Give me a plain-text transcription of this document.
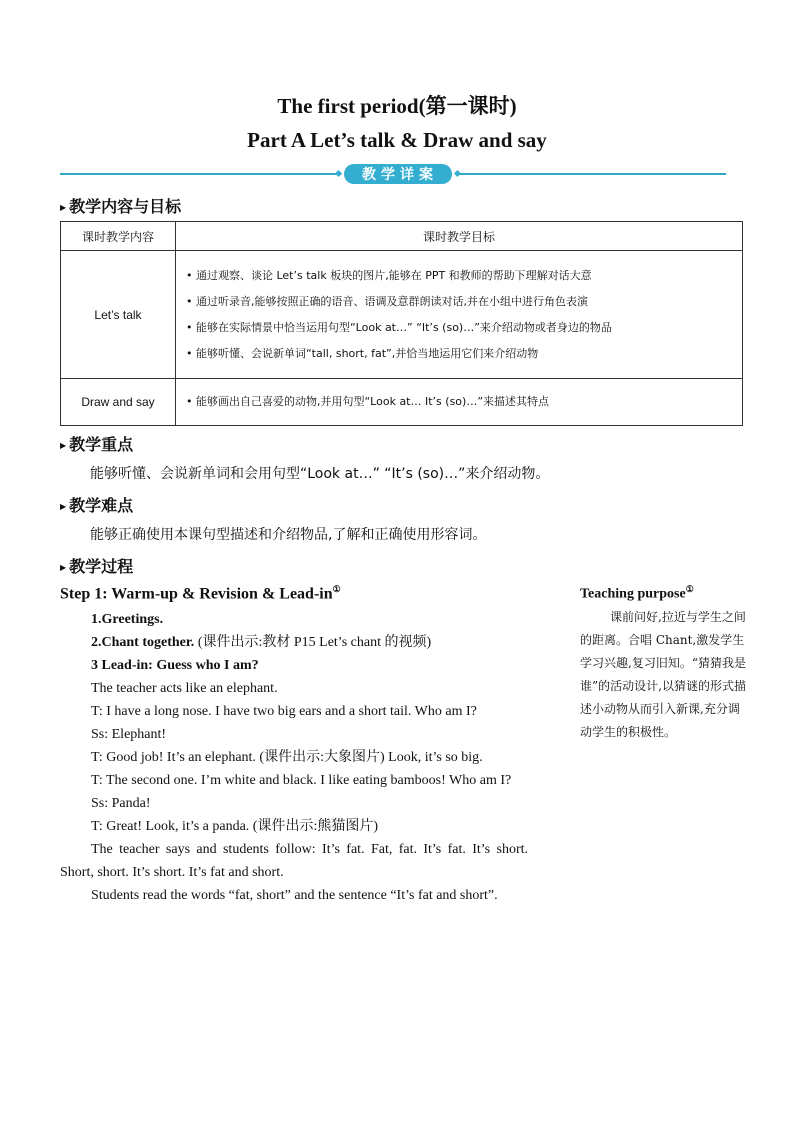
The first period(第一课时)
Part A Let’s talk & Draw and say
教 学 详 案
▶ 教学内容与目标
课时教学内容	课时教学目标
Let’s talk	• 通过观察、谈论 Let’s talk 板块的图片,能够在 PPT 和教师的帮助下理解对话大意
• 通过听录音,能够按照正确的语音、语调及意群朗读对话,并在小组中进行角色表演
• 能够在实际情景中恰当运用句型“Look at…” “It’s (so)…”来介绍动物或者身边的物品
• 能够听懂、会说新单词“tall, short, fat”,并恰当地运用它们来介绍动物

Draw and say	• 能够画出自己喜爱的动物,并用句型“Look at… It’s (so)…”来描述其特点
▶ 教学重点
能够听懂、会说新单词和会用句型“Look at…” “It’s (so)…”来介绍动物。
▶ 教学难点
能够正确使用本课句型描述和介绍物品,了解和正确使用形容词。
▶ 教学过程
Step 1: Warm-up & Revision & Lead-in①
1.Greetings.
2.Chant together. (课件出示:教材 P15 Let’s chant 的视频)
3 Lead-in: Guess who I am?
The teacher acts like an elephant.
T: I have a long nose. I have two big ears and a short tail. Who am I?
Ss: Elephant!
T: Good job! It’s an elephant. (课件出示:大象图片) Look, it’s so big.
T: The second one. I’m white and black. I like eating bamboos! Who am I?
Ss: Panda!
T: Great! Look, it’s a panda. (课件出示:熊猫图片)
The teacher says and students follow: It’s fat. Fat, fat. It’s fat. It’s short. Short, short. It’s short. It’s fat and short.
Students read the words “fat, short” and the sentence “It’s fat and short”.
Teaching purpose①
课前问好,拉近与学生之间的距离。合唱 Chant,激发学生学习兴趣,复习旧知。“猜猜我是谁”的活动设计,以猜谜的形式描述小动物从而引入新课,充分调动学生的积极性。
